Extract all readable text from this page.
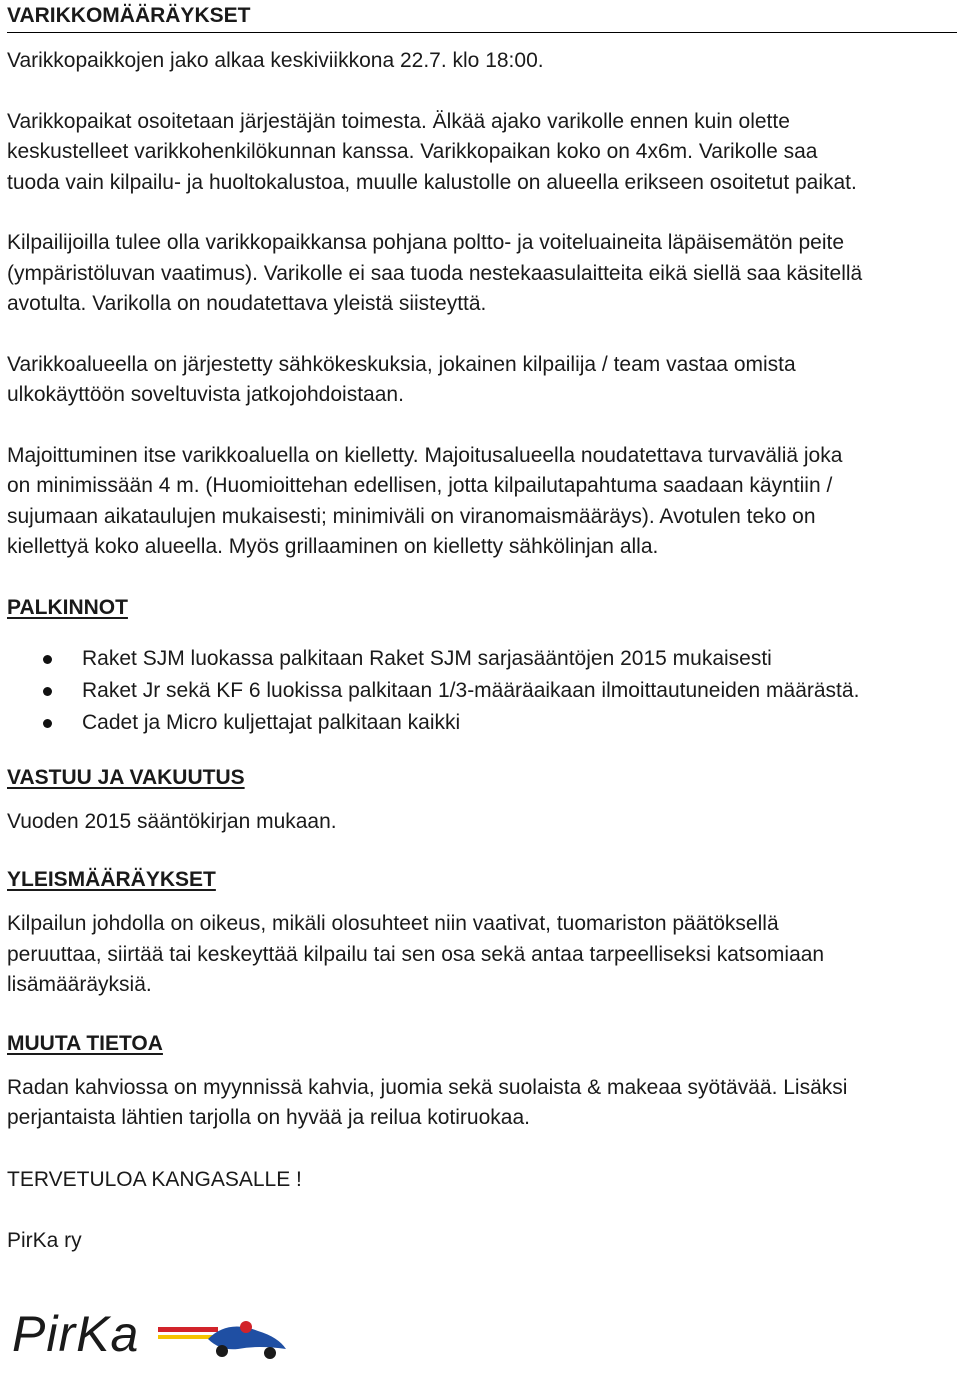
VARIKKOMÄÄRÄYKSET

Varikkopaikkojen jako alkaa keskiviikkona 22.7. klo 18:00.

Varikkopaikat osoitetaan järjestäjän toimesta. Älkää ajako varikolle ennen kuin olette

keskustelleet varikkohenkilökunnan kanssa. Varikkopaikan koko on 4x6m. Varikolle saa

tuoda vain kilpailu- ja huoltokalustoa, muulle kalustolle on alueella erikseen osoitetut paikat.

Kilpailijoilla tulee olla varikkopaikkansa pohjana poltto- ja voiteluaineita läpäisemätön peite

(ympäristöluvan vaatimus). Varikolle ei saa tuoda nestekaasulaitteita eikä siellä saa käsitellä

avotulta. Varikolla on noudatettava yleistä siisteyttä.

Varikkoalueella on järjestetty sähkökeskuksia, jokainen kilpailija / team vastaa omista

ulkokäyttöön soveltuvista jatkojohdoistaan.

Majoittuminen itse varikkoaluella on kielletty. Majoitusalueella noudatettava turvaväliä joka

on minimissään 4 m. (Huomioittehan edellisen, jotta kilpailutapahtuma saadaan käyntiin /

sujumaan aikataulujen mukaisesti; minimiväli on viranomaismääräys). Avotulen teko on

kiellettyä koko alueella. Myös grillaaminen on kielletty sähkölinjan alla.

PALKINNOT
Raket SJM luokassa palkitaan Raket SJM sarjasääntöjen 2015 mukaisesti
Raket Jr sekä KF 6 luokissa palkitaan 1/3-määräaikaan ilmoittautuneiden määrästä.
Cadet ja Micro kuljettajat palkitaan kaikki
VASTUU JA VAKUUTUS

Vuoden 2015 sääntökirjan mukaan.

YLEISMÄÄRÄYKSET

Kilpailun johdolla on oikeus, mikäli olosuhteet niin vaativat, tuomariston päätöksellä

peruuttaa, siirtää tai keskeyttää kilpailu tai sen osa sekä antaa tarpeelliseksi katsomiaan

lisämääräyksiä.

MUUTA TIETOA

Radan kahviossa on myynnissä kahvia, juomia sekä suolaista & makeaa syötävää. Lisäksi

perjantaista lähtien tarjolla on hyvää ja reilua kotiruokaa.

TERVETULOA KANGASALLE !

PirKa ry

PirKa
